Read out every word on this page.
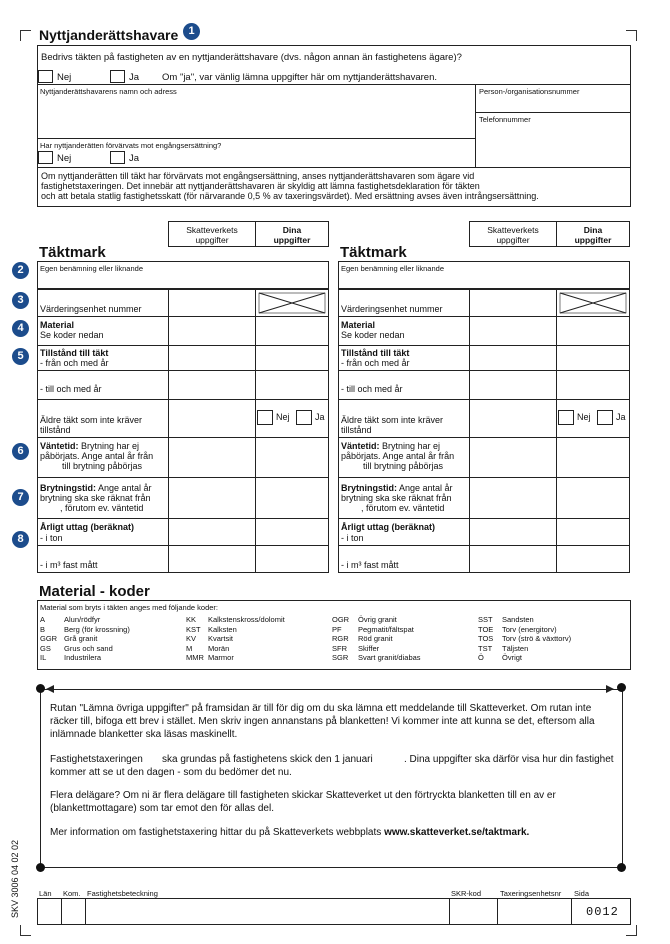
Nyttjanderättshavare 1
Bedrivs täkten på fastigheten av en nyttjanderättshavare (dvs. någon annan än fastighetens ägare)?
Nej	Ja Om "ja", var vänlig lämna uppgifter här om nyttjanderättshavaren.
Nyttjanderättshavarens namn och adress	Person-/organisationsnummer
Telefonnummer
Har nyttjanderätten förvärvats mot engångsersättning?
Nej	Ja
Om nyttjanderätten till täkt har förvärvats mot engångsersättning, anses nyttjanderättshavaren som ägare vid
fastighetstaxeringen. Det innebär att nyttjanderättshavaren är skyldig att lämna fastighetsdeklaration för täkten
och att betala statlig fastighetsskatt (för närvarande 0,5 % av taxeringsvärdet). Med ersättning avses även intrångsersättning.
Skatteverkets
uppgifter
Dina
uppgifter
Täktmark
Egen benämning eller liknande
Värderingsenhet nummer
Material
Se koder nedan
Tillstånd till täkt
- från och med år
- till och med år
Äldre täkt som inte kräver
tillstånd
Nej	Ja
Väntetid: Brytning har ej
påbörjats. Ange antal år från
till brytning påbörjas
Brytningstid: Ange antal år
brytning ska ske räknat från
, förutom ev. väntetid
Årligt uttag (beräknat)
- i ton
- i m³ fast mått
Skatteverkets
uppgifter
Dina
uppgifter
Täktmark
Egen benämning eller liknande
Värderingsenhet nummer
Material
Se koder nedan
Tillstånd till täkt
- från och med år
- till och med år
Äldre täkt som inte kräver
tillstånd
Nej	Ja
Väntetid: Brytning har ej
påbörjats. Ange antal år från
till brytning påbörjas
Brytningstid: Ange antal år
brytning ska ske räknat från
, förutom ev. väntetid
Årligt uttag (beräknat)
- i ton
- i m³ fast mått
2
3
4
5
6
7
8
Material - koder
Material som bryts i täkten anges med följande koder:
A	Alun/rödfyr
B	Berg (för krossning)
GGR Grå granit
GS Grus och sand
IL Industrilera
KK Kalkstenskross/dolomit
KST Kalksten
KV Kvartsit
M Morän
MMR Marmor
OGR Övrig granit
PF Pegmatit/fältspat
RGR Röd granit
SFR Skiffer
SGR Svart granit/diabas
SST Sandsten
TOE Torv (energitorv)
TOS Torv (strö & växttorv)
TST Täljsten
Ö Övrigt
Rutan "Lämna övriga uppgifter" på framsidan är till för dig om du ska lämna ett meddelande till Skatteverket. Om rutan inte räcker till, bifoga ett brev i stället. Men skriv ingen annanstans på blanketten! Vi kommer inte att kunna se det, eftersom alla inlämnade blanketter ska läsas maskinellt.
Fastighetstaxeringen ska grundas på fastighetens skick den 1 januari	. Dina uppgifter ska därför visa hur din fastighet
kommer att se ut den dagen - som du bedömer det nu.
Flera delägare? Om ni är flera delägare till fastigheten skickar Skatteverket ut den förtryckta blanketten till en av er (blankettmottagare) som tar emot den för allas del.
Mer information om fastighetstaxering hittar du på Skatteverkets webbplats www.skatteverket.se/taktmark.
Län Kom. Fastighetsbeteckning	SKR-kod	Taxeringsenhetsnr Sida
0012
SKV 3006 04 02 02
